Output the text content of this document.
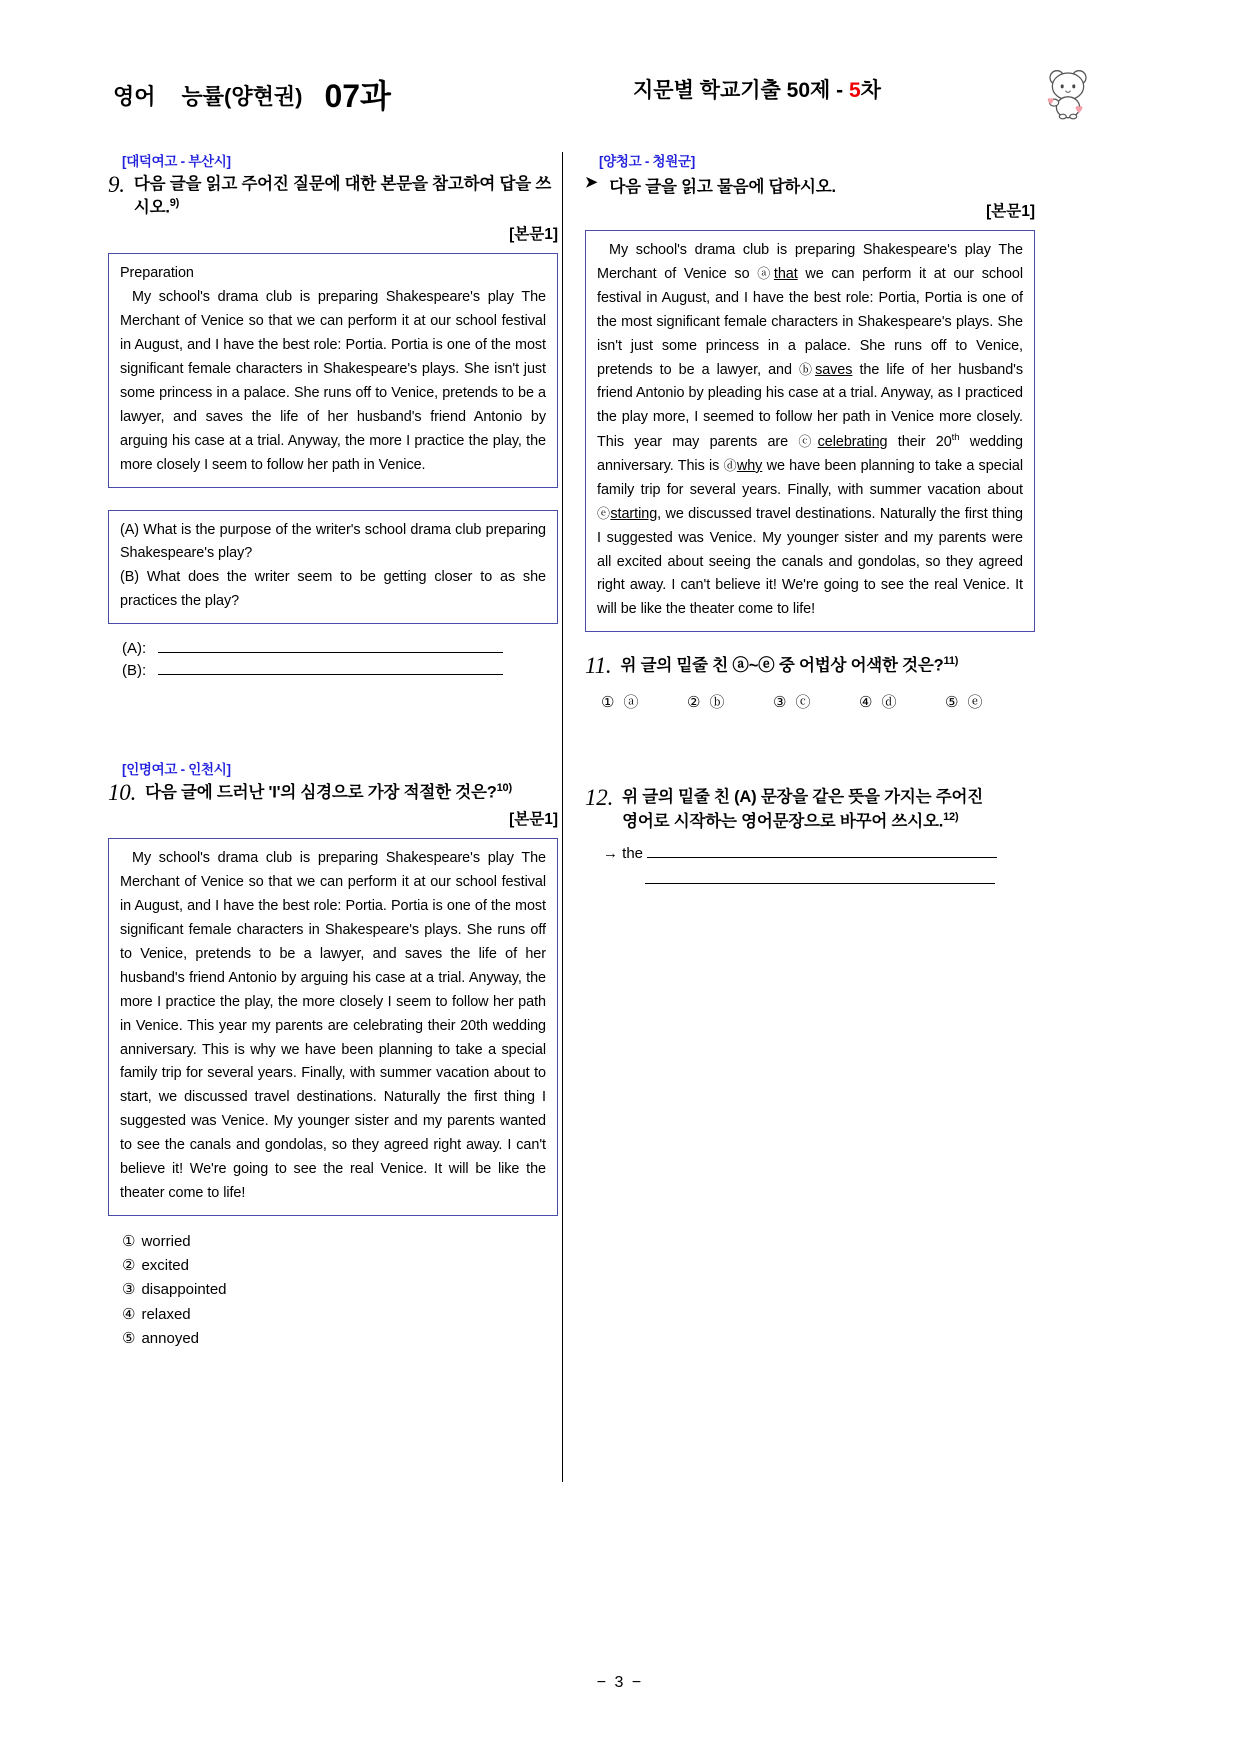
영어 능률(양현권) 07과	지문별 학교기출 50제 - 5차
[대덕여고 - 부산시]
9. 다음 글을 읽고 주어진 질문에 대한 본문을 참고하여 답을 쓰시오.$^{9)}$
[본문1]

Preparation

My school's drama club is preparing Shakespeare's play The Merchant of Venice so that we can perform it at our school festival in August, and I have the best role: Portia. Portia is one of the most significant female characters in Shakespeare's plays. She isn't just some princess in a palace. She runs off to Venice, pretends to be a lawyer, and saves the life of her husband's friend Antonio by arguing his case at a trial. Anyway, the more I practice the play, the more closely I seem to follow her path in Venice.

(A) What is the purpose of the writer's school drama club preparing Shakespeare's play?

(B) What does the writer seem to be getting closer to as she practices the play?

(A):
(B):
[인명여고 - 인천시]
10. 다음 글에 드러난 'I'의 심경으로 가장 적절한 것은?$^{10)}$
[본문1]

My school's drama club is preparing Shakespeare's play The Merchant of Venice so that we can perform it at our school festival in August, and I have the best role: Portia. Portia is one of the most significant female characters in Shakespeare's plays. She runs off to Venice, pretends to be a lawyer, and saves the life of her husband's friend Antonio by arguing his case at a trial. Anyway, the more I practice the play, the more closely I seem to follow her path in Venice. This year my parents are celebrating their 20th wedding anniversary. This is why we have been planning to take a special family trip for several years. Finally, with summer vacation about to start, we discussed travel destinations. Naturally the first thing I suggested was Venice. My younger sister and my parents wanted to see the canals and gondolas, so they agreed right away. I can't believe it! We're going to see the real Venice. It will be like the theater come to life!

① worried
② excited
③ disappointed
④ relaxed
⑤ annoyed
[양청고 - 청원군]
➤ 다음 글을 읽고 물음에 답하시오.
[본문1]

My school's drama club is preparing Shakespeare's play The Merchant of Venice so ⓐthat we can perform it at our school festival in August, and I have the best role: Portia, Portia is one of the most significant female characters in Shakespeare's plays. She isn't just some princess in a palace. She runs off to Venice, pretends to be a lawyer, and ⓑsaves the life of her husband's friend Antonio by pleading his case at a trial. Anyway, as I practiced the play more, I seemed to follow her path in Venice more closely. This year may parents are ⓒcelebrating their 20th wedding anniversary. This is ⓓwhy we have been planning to take a special family trip for several years. Finally, with summer vacation about ⓔstarting, we discussed travel destinations. Naturally the first thing I suggested was Venice. My younger sister and my parents were all excited about seeing the canals and gondolas, so they agreed right away. I can't believe it! We're going to see the real Venice. It will be like the theater come to life!

11. 위 글의 밑줄 친 ⓐ~ⓔ 중 어법상 어색한 것은?$^{11)}$
① ⓐ	② ⓑ	③ ⓒ	④ ⓓ	⑤ ⓔ
12. 위 글의 밑줄 친 (A) 문장을 같은 뜻을 가지는 주어진
영어로 시작하는 영어문장으로 바꾸어 쓰시오.$^{12)}$
→ the
− 3 −
